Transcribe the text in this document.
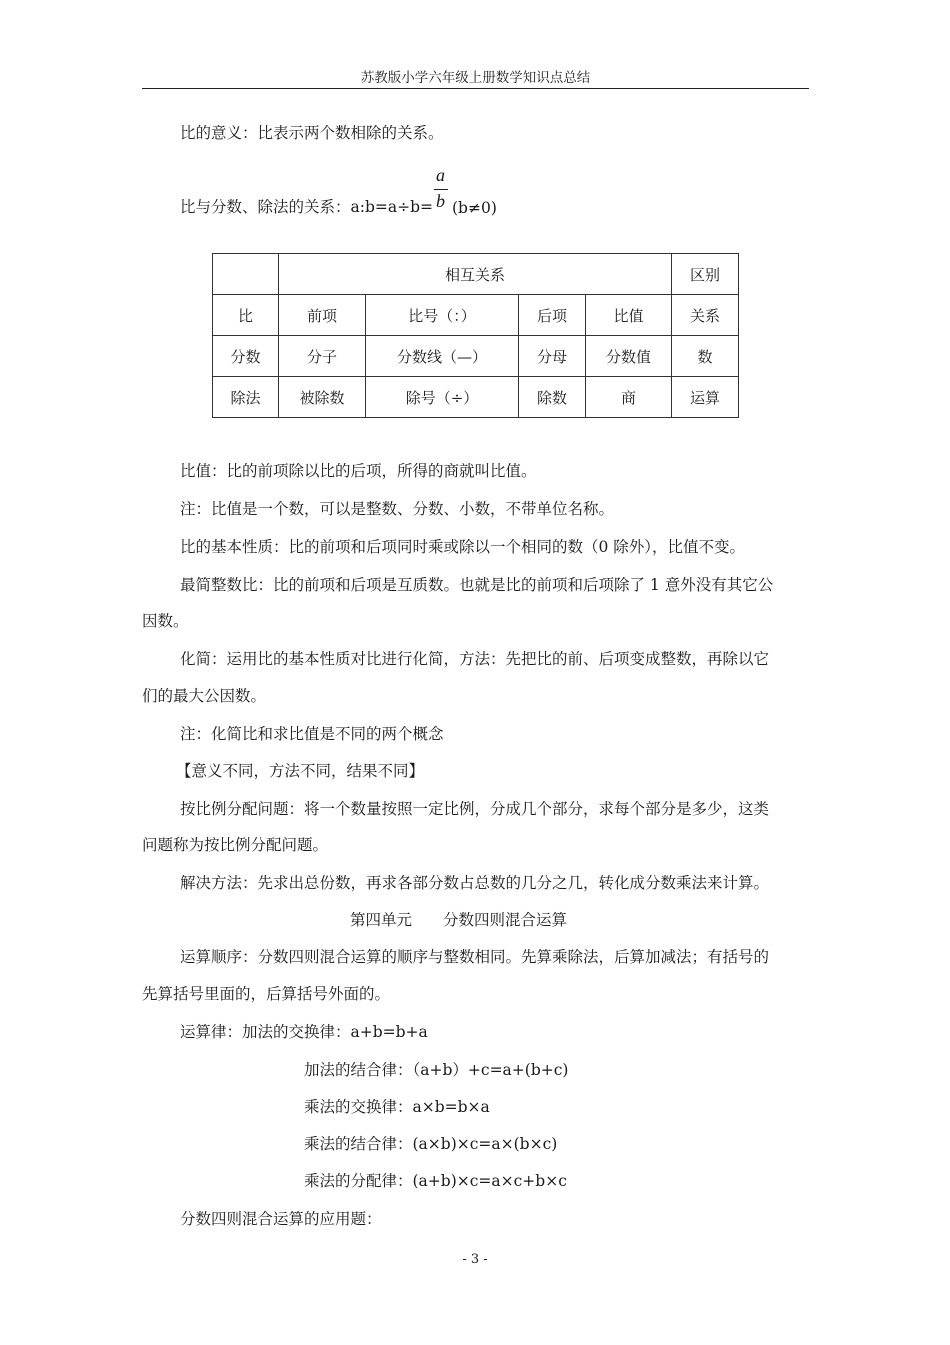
苏教版小学六年级上册数学知识点总结
比的意义：比表示两个数相除的关系。
比与分数、除法的关系：a:b=a÷b=
a
b (b≠0)
	相互关系				区别
比	前项	比号（：）	后项	比值	关系
分数	分子	分数线（—）	分母	分数值	数
除法	被除数	除号（÷）	除数	商	运算
比值：比的前项除以比的后项，所得的商就叫比值。
注：比值是一个数，可以是整数、分数、小数，不带单位名称。
比的基本性质：比的前项和后项同时乘或除以一个相同的数（0 除外），比值不变。
最简整数比：比的前项和后项是互质数。也就是比的前项和后项除了 1 意外没有其它公
因数。
化简：运用比的基本性质对比进行化简，方法：先把比的前、后项变成整数，再除以它
们的最大公因数。
注：化简比和求比值是不同的两个概念
【意义不同，方法不同，结果不同】
按比例分配问题：将一个数量按照一定比例，分成几个部分，求每个部分是多少，这类
问题称为按比例分配问题。
解决方法：先求出总份数，再求各部分数占总数的几分之几，转化成分数乘法来计算。
第四单元　　分数四则混合运算
运算顺序：分数四则混合运算的顺序与整数相同。先算乘除法，后算加减法；有括号的
先算括号里面的，后算括号外面的。
运算律：加法的交换律：a+b=b+a
加法的结合律：（a+b）+c=a+(b+c)
乘法的交换律：a×b=b×a
乘法的结合律：(a×b)×c=a×(b×c)
乘法的分配律：(a+b)×c=a×c+b×c
分数四则混合运算的应用题：
- 3 -
